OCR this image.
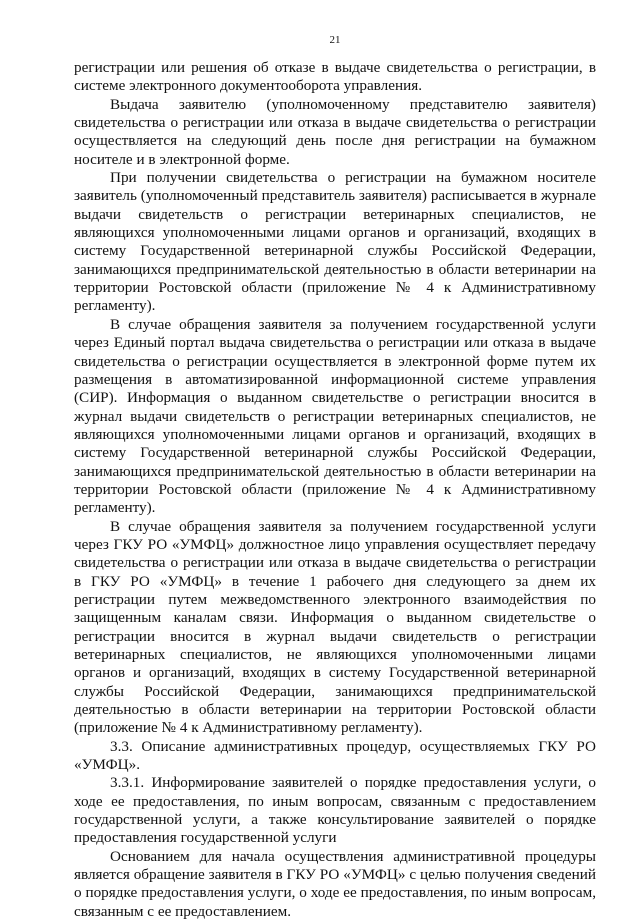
21

регистрации или решения об отказе в выдаче свидетельства о регистрации, в системе электронного документооборота управления.

Выдача заявителю (уполномоченному представителю заявителя) свидетельства о регистрации или отказа в выдаче свидетельства о регистрации осуществляется на следующий день после дня регистрации на бумажном носителе и в электронной форме.

При получении свидетельства о регистрации на бумажном носителе заявитель (уполномоченный представитель заявителя) расписывается в журнале выдачи свидетельств о регистрации ветеринарных специалистов, не являющихся уполномоченными лицами органов и организаций, входящих в систему Государственной ветеринарной службы Российской Федерации, занимающихся предпринимательской деятельностью в области ветеринарии на территории Ростовской области (приложение № 4 к Административному регламенту).

В случае обращения заявителя за получением государственной услуги через Единый портал выдача свидетельства о регистрации или отказа в выдаче свидетельства о регистрации осуществляется в электронной форме путем их размещения в автоматизированной информационной системе управления (СИР). Информация о выданном свидетельстве о регистрации вносится в журнал выдачи свидетельств о регистрации ветеринарных специалистов, не являющихся уполномоченными лицами органов и организаций, входящих в систему Государственной ветеринарной службы Российской Федерации, занимающихся предпринимательской деятельностью в области ветеринарии на территории Ростовской области (приложение № 4 к Административному регламенту).

В случае обращения заявителя за получением государственной услуги через ГКУ РО «УМФЦ» должностное лицо управления осуществляет передачу свидетельства о регистрации или отказа в выдаче свидетельства о регистрации в ГКУ РО «УМФЦ» в течение 1 рабочего дня следующего за днем их регистрации путем межведомственного электронного взаимодействия по защищенным каналам связи. Информация о выданном свидетельстве о регистрации вносится в журнал выдачи свидетельств о регистрации ветеринарных специалистов, не являющихся уполномоченными лицами органов и организаций, входящих в систему Государственной ветеринарной службы Российской Федерации, занимающихся предпринимательской деятельностью в области ветеринарии на территории Ростовской области (приложение № 4 к Административному регламенту).

3.3. Описание административных процедур, осуществляемых ГКУ РО «УМФЦ».

3.3.1. Информирование заявителей о порядке предоставления услуги, о ходе ее предоставления, по иным вопросам, связанным с предоставлением государственной услуги, а также консультирование заявителей о порядке предоставления государственной услуги

Основанием для начала осуществления административной процедуры является обращение заявителя в ГКУ РО «УМФЦ» с целью получения сведений о порядке предоставления услуги, о ходе ее предоставления, по иным вопросам, связанным с ее предоставлением.
